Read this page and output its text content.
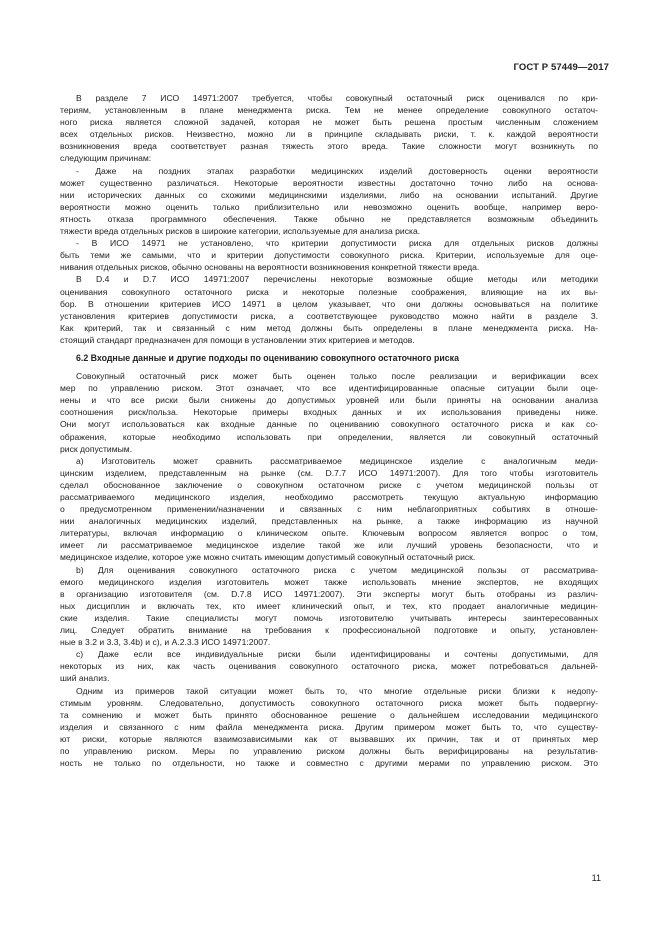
ГОСТ Р 57449—2017
В разделе 7 ИСО 14971:2007 требуется, чтобы совокупный остаточный риск оценивался по кри-
териям, установленным в плане менеджмента риска. Тем не менее определение совокупного остаточ-
ного риска является сложной задачей, которая не может быть решена простым численным сложением
всех отдельных рисков. Неизвестно, можно ли в принципе складывать риски, т. к. каждой вероятности
возникновения вреда соответствует разная тяжесть этого вреда. Такие сложности могут возникнуть по
следующим причинам:
- Даже на поздних этапах разработки медицинских изделий достоверность оценки вероятности
может существенно различаться. Некоторые вероятности известны достаточно точно либо на основа-
нии исторических данных со схожими медицинскими изделиями, либо на основании испытаний. Другие
вероятности можно оценить только приблизительно или невозможно оценить вообще, например веро-
ятность отказа программного обеспечения. Также обычно не представляется возможным объединить
тяжести вреда отдельных рисков в широкие категории, используемые для анализа риска.
- В ИСО 14971 не установлено, что критерии допустимости риска для отдельных рисков должны
быть теми же самыми, что и критерии допустимости совокупного риска. Критерии, используемые для оце-
нивания отдельных рисков, обычно основаны на вероятности возникновения конкретной тяжести вреда.
В D.4 и D.7 ИСО 14971:2007 перечислены некоторые возможные общие методы или методики
оценивания совокупного остаточного риска и некоторые полезные соображения, влияющие на их вы-
бор. В отношении критериев ИСО 14971 в целом указывает, что они должны основываться на политике
установления критериев допустимости риска, а соответствующее руководство можно найти в разделе 3.
Как критерий, так и связанный с ним метод должны быть определены в плане менеджмента риска. На-
стоящий стандарт предназначен для помощи в установлении этих критериев и методов.
6.2 Входные данные и другие подходы по оцениванию совокупного остаточного риска
Совокупный остаточный риск может быть оценен только после реализации и верификации всех
мер по управлению риском. Этот означает, что все идентифицированные опасные ситуации были оце-
нены и что все риски были снижены до допустимых уровней или были приняты на основании анализа
соотношения риск/польза. Некоторые примеры входных данных и их использования приведены ниже.
Они могут использоваться как входные данные по оцениванию совокупного остаточного риска и как со-
ображения, которые необходимо использовать при определении, является ли совокупный остаточный
риск допустимым.
а) Изготовитель может сравнить рассматриваемое медицинское изделие с аналогичным меди-
цинским изделием, представленным на рынке (см. D.7.7 ИСО 14971:2007). Для того чтобы изготовитель
сделал обоснованное заключение о совокупном остаточном риске с учетом медицинской пользы от
рассматриваемого медицинского изделия, необходимо рассмотреть текущую актуальную информацию
о предусмотренном применении/назначении и связанных с ним неблагоприятных событиях в отноше-
нии аналогичных медицинских изделий, представленных на рынке, а также информацию из научной
литературы, включая информацию о клиническом опыте. Ключевым вопросом является вопрос о том,
имеет ли рассматриваемое медицинское изделие такой же или лучший уровень безопасности, что и
медицинское изделие, которое уже можно считать имеющим допустимый совокупный остаточный риск.
b) Для оценивания совокупного остаточного риска с учетом медицинской пользы от рассматрива-
емого медицинского изделия изготовитель может также использовать мнение экспертов, не входящих
в организацию изготовителя (см. D.7.8 ИСО 14971:2007). Эти эксперты могут быть отобраны из различ-
ных дисциплин и включать тех, кто имеет клинический опыт, и тех, кто продает аналогичные медицин-
ские изделия. Такие специалисты могут помочь изготовителю учитывать интересы заинтересованных
лиц. Следует обратить внимание на требования к профессиональной подготовке и опыту, установлен-
ные в 3.2 и 3.3, 3.4b) и с), и А.2.3.3 ИСО 14971:2007.
с) Даже если все индивидуальные риски были идентифицированы и сочтены допустимыми, для
некоторых из них, как часть оценивания совокупного остаточного риска, может потребоваться дальней-
ший анализ.
Одним из примеров такой ситуации может быть то, что многие отдельные риски близки к недопу-
стимым уровням. Следовательно, допустимость совокупного остаточного риска может быть подвергну-
та сомнению и может быть принято обоснованное решение о дальнейшем исследовании медицинского
изделия и связанного с ним файла менеджмента риска. Другим примером может быть то, что существу-
ют риски, которые являются взаимозависимыми как от вызвавших их причин, так и от принятых мер
по управлению риском. Меры по управлению риском должны быть верифицированы на результатив-
ность не только по отдельности, но также и совместно с другими мерами по управлению риском. Это
11
